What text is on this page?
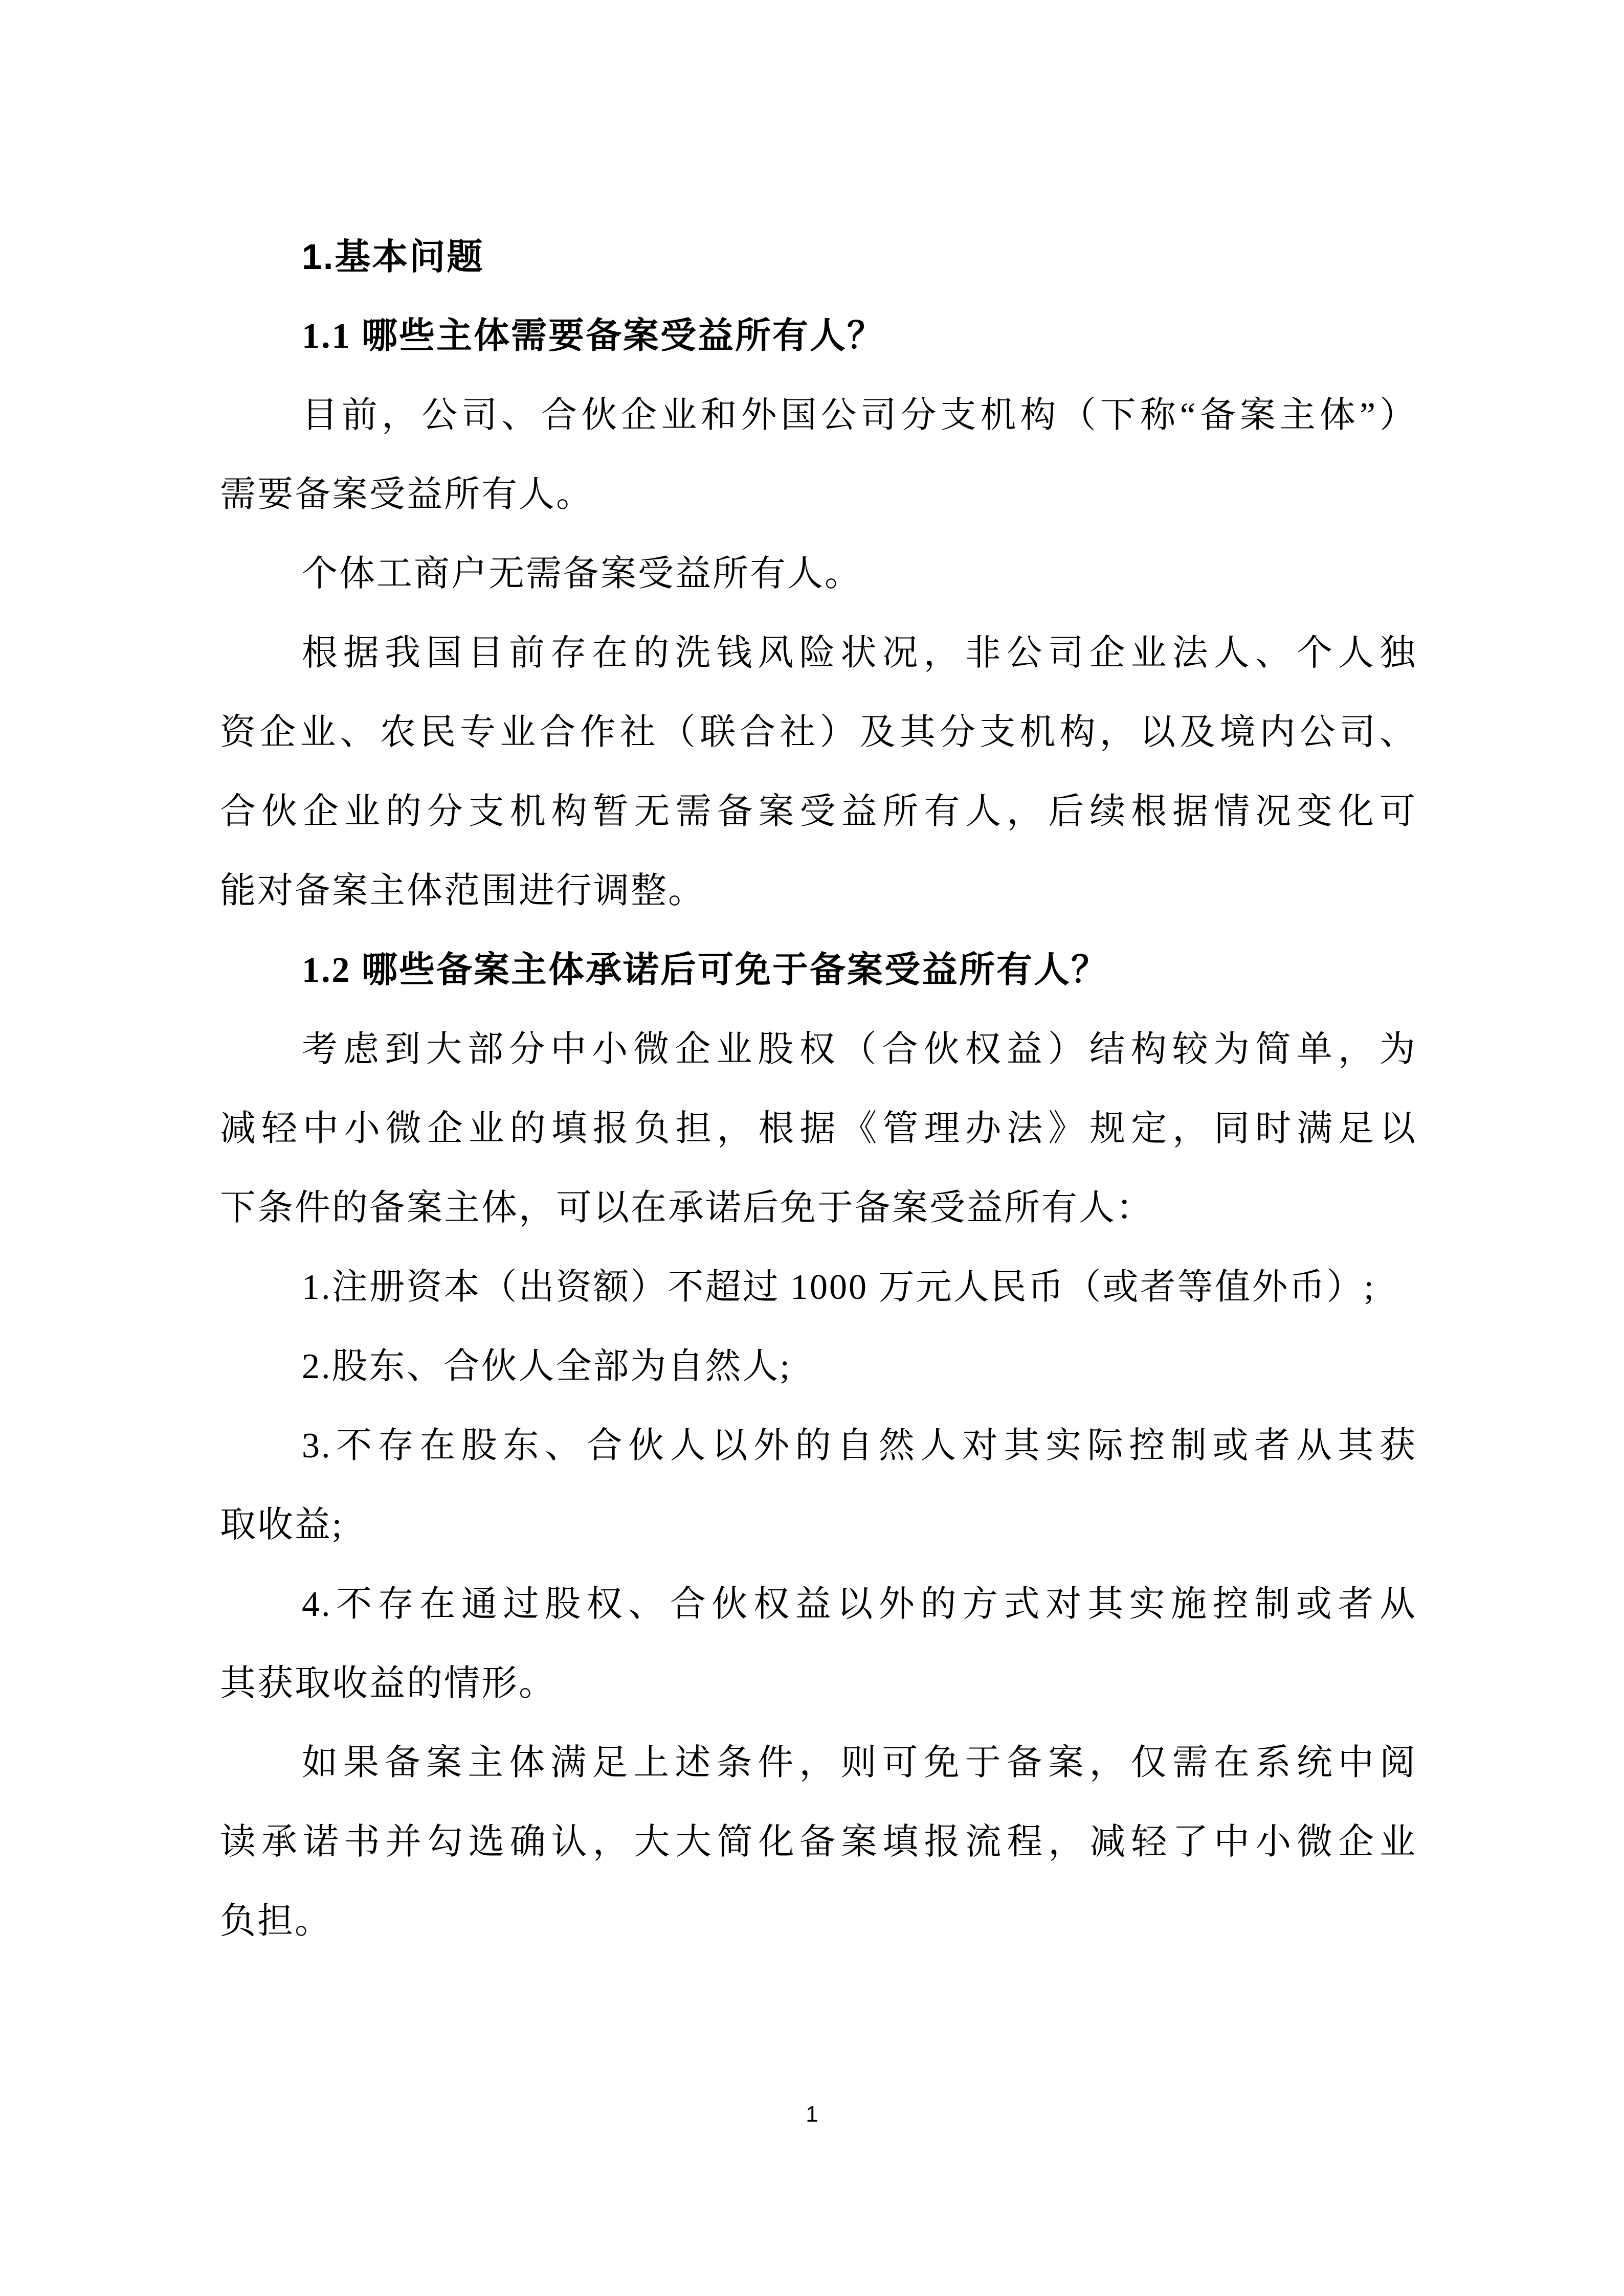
1.基本问题
1.1 哪些主体需要备案受益所有人？
目前，公司、合伙企业和外国公司分支机构（下称“备案主体”）
需要备案受益所有人。
个体工商户无需备案受益所有人。
根据我国目前存在的洗钱风险状况，非公司企业法人、个人独
资企业、农民专业合作社（联合社）及其分支机构，以及境内公司、
合伙企业的分支机构暂无需备案受益所有人，后续根据情况变化可
能对备案主体范围进行调整。
1.2 哪些备案主体承诺后可免于备案受益所有人？
考虑到大部分中小微企业股权（合伙权益）结构较为简单，为
减轻中小微企业的填报负担，根据《管理办法》规定，同时满足以
下条件的备案主体，可以在承诺后免于备案受益所有人：
1.注册资本（出资额）不超过 1000 万元人民币（或者等值外币）;
2.股东、合伙人全部为自然人;
3.不存在股东、合伙人以外的自然人对其实际控制或者从其获
取收益;
4.不存在通过股权、合伙权益以外的方式对其实施控制或者从
其获取收益的情形。
如果备案主体满足上述条件，则可免于备案，仅需在系统中阅
读承诺书并勾选确认，大大简化备案填报流程，减轻了中小微企业
负担。
1
